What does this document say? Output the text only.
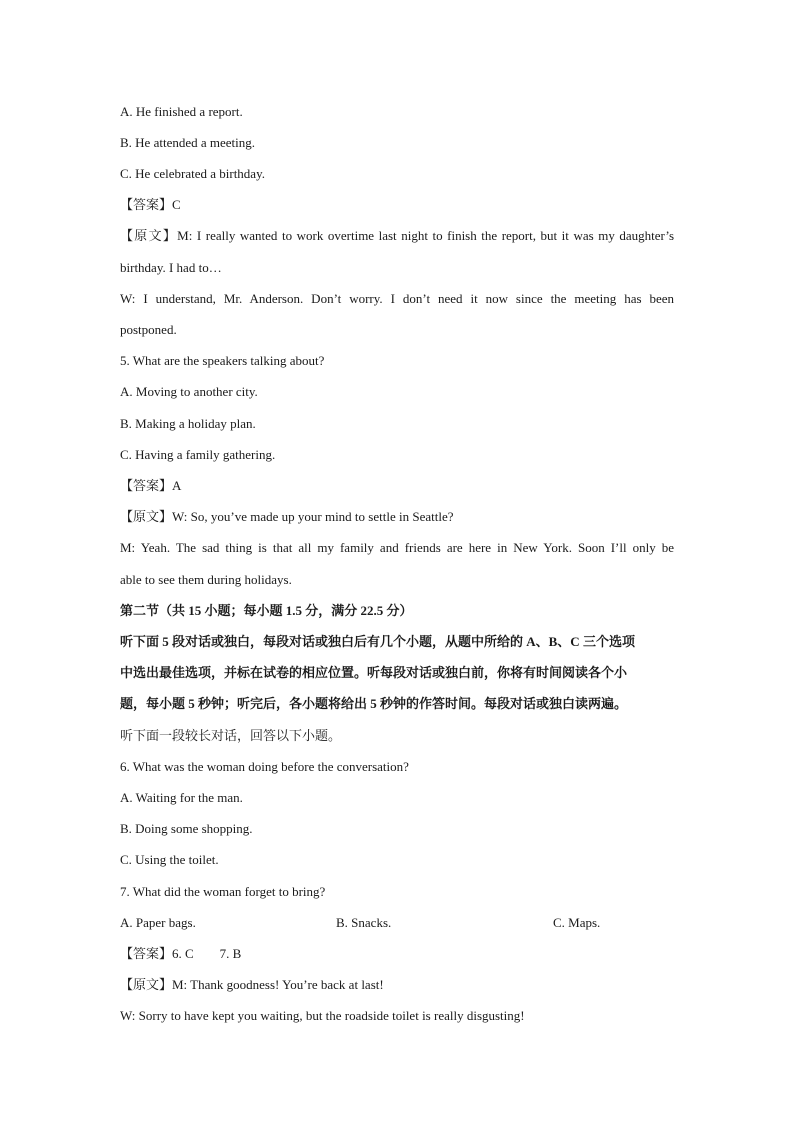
A. He finished a report.
B. He attended a meeting.
C. He celebrated a birthday.
【答案】C
【原文】M: I really wanted to work overtime last night to finish the report, but it was my daughter’s
birthday. I had to…
W: I understand, Mr. Anderson. Don’t worry. I don’t need it now since the meeting has been
postponed.
5. What are the speakers talking about?
A. Moving to another city.
B. Making a holiday plan.
C. Having a family gathering.
【答案】A
【原文】W: So, you’ve made up your mind to settle in Seattle?
M: Yeah. The sad thing is that all my family and friends are here in New York. Soon I’ll only be
able to see them during holidays.
第二节（共 15 小题；每小题 1.5 分，满分 22.5 分）
听下面 5 段对话或独白，每段对话或独白后有几个小题，从题中所给的 A、B、C 三个选项
中选出最佳选项，并标在试卷的相应位置。听每段对话或独白前，你将有时间阅读各个小
题，每小题 5 秒钟；听完后，各小题将给出 5 秒钟的作答时间。每段对话或独白读两遍。
听下面一段较长对话，回答以下小题。
6. What was the woman doing before the conversation?
A. Waiting for the man.
B. Doing some shopping.
C. Using the toilet.
7. What did the woman forget to bring?
A. Paper bags.	B. Snacks.	C. Maps.
【答案】6. C　　7. B
【原文】M: Thank goodness! You’re back at last!
W: Sorry to have kept you waiting, but the roadside toilet is really disgusting!
